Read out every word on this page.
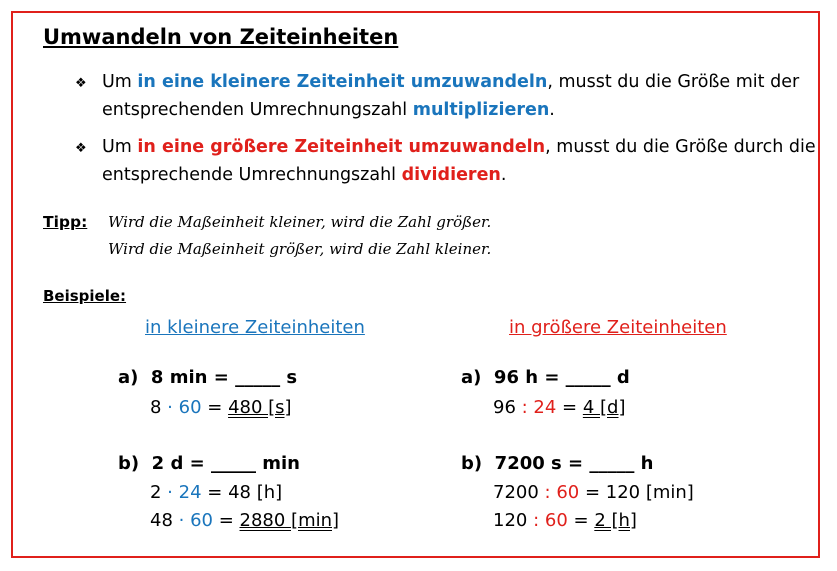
Umwandeln von Zeiteinheiten
❖ Um in eine kleinere Zeiteinheit umzuwandeln, musst du die Größe mit der
entsprechenden Umrechnungszahl multiplizieren.
❖ Um in eine größere Zeiteinheit umzuwandeln, musst du die Größe durch die
entsprechende Umrechnungszahl dividieren.
Tipp: Wird die Maßeinheit kleiner, wird die Zahl größer.
Wird die Maßeinheit größer, wird die Zahl kleiner.
Beispiele:
in kleinere Zeiteinheiten	in größere Zeiteinheiten
a) 8 min = _____ s
8 · 60 = 480 [s]
b) 2 d = _____ min
2 · 24 = 48 [h]
48 · 60 = 2880 [min]
a) 96 h = _____ d
96 : 24 = 4 [d]
b) 7200 s = _____ h
7200 : 60 = 120 [min]
120 : 60 = 2 [h]
